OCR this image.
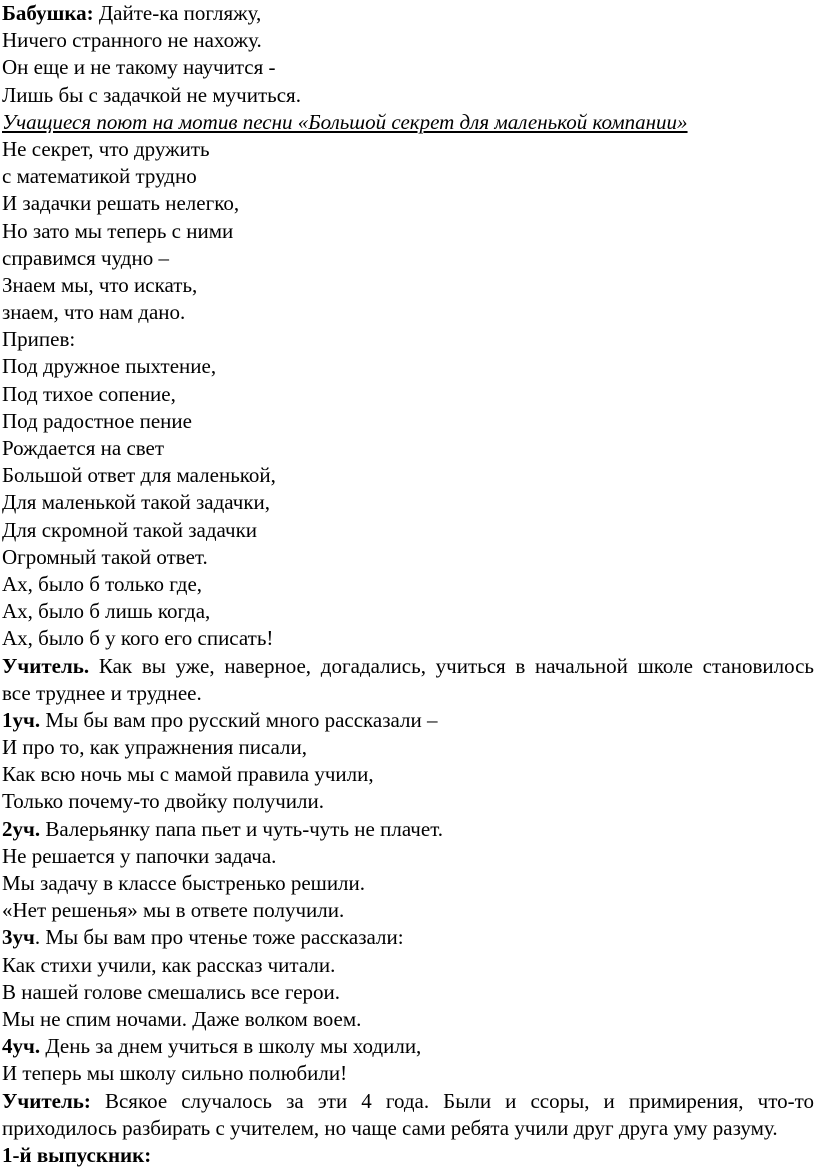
Бабушка: Дайте-ка погляжу,
Ничего странного не нахожу.
Он еще и не такому научится -
Лишь бы с задачкой не мучиться.
Учащиеся поют на мотив песни «Большой секрет для маленькой компании»
Не секрет, что дружить
с математикой трудно
И задачки решать нелегко,
Но зато мы теперь с ними
справимся чудно –
Знаем мы, что искать,
знаем, что нам дано.
Припев:
Под дружное пыхтение,
Под тихое сопение,
Под радостное пение
Рождается на свет
Большой ответ для маленькой,
Для маленькой такой задачки,
Для скромной такой задачки
Огромный такой ответ.
Ах, было б только где,
Ах, было б лишь когда,
Ах, было б у кого его списать!
Учитель. Как вы уже, наверное, догадались, учиться в начальной школе становилось
все труднее и труднее.
1уч. Мы бы вам про русский много рассказали –
И про то, как упражнения писали,
Как всю ночь мы с мамой правила учили,
Только почему-то двойку получили.
2уч. Валерьянку папа пьет и чуть-чуть не плачет.
Не решается у папочки задача.
Мы задачу в классе быстренько решили.
«Нет решенья» мы в ответе получили.
3уч. Мы бы вам про чтенье тоже рассказали:
Как стихи учили, как рассказ читали.
В нашей голове смешались все герои.
Мы не спим ночами. Даже волком воем.
4уч. День за днем учиться в школу мы ходили,
И теперь мы школу сильно полюбили!
Учитель: Всякое случалось за эти 4 года. Были и ссоры, и примирения, что-то
приходилось разбирать с учителем, но чаще сами ребята учили друг друга уму разуму.
1-й выпускник:
